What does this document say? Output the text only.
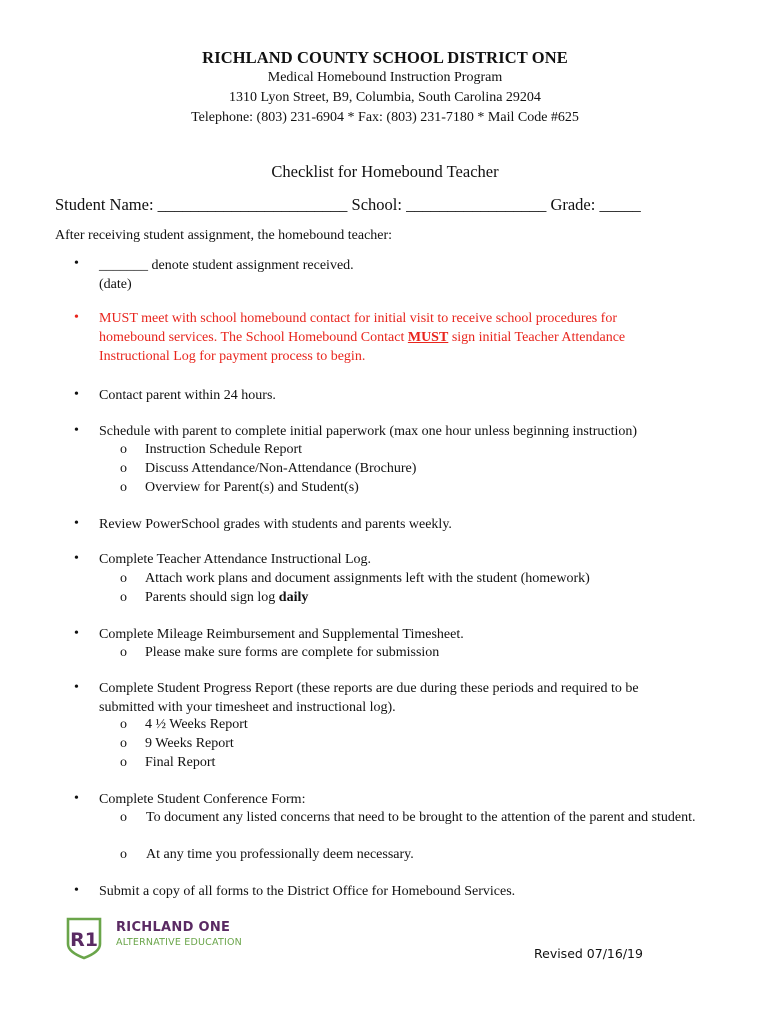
RICHLAND COUNTY SCHOOL DISTRICT ONE
Medical Homebound Instruction Program
1310 Lyon Street, B9, Columbia, South Carolina 29204
Telephone: (803) 231-6904 * Fax: (803) 231-7180 * Mail Code #625
Checklist for Homebound Teacher
Student Name: _______________________ School: _________________ Grade: _____
After receiving student assignment, the homebound teacher:
• _______ denote student assignment received.
(date)
• MUST meet with school homebound contact for initial visit to receive school procedures for homebound services. The School Homebound Contact MUST sign initial Teacher Attendance Instructional Log for payment process to begin.
• Contact parent within 24 hours.
• Schedule with parent to complete initial paperwork (max one hour unless beginning instruction)
o Instruction Schedule Report
o Discuss Attendance/Non-Attendance (Brochure)
o Overview for Parent(s) and Student(s)
• Review PowerSchool grades with students and parents weekly.
• Complete Teacher Attendance Instructional Log.
o Attach work plans and document assignments left with the student (homework)
o Parents should sign log daily
• Complete Mileage Reimbursement and Supplemental Timesheet.
o Please make sure forms are complete for submission
• Complete Student Progress Report (these reports are due during these periods and required to be submitted with your timesheet and instructional log).
o 4 ½ Weeks Report
o 9 Weeks Report
o Final Report
• Complete Student Conference Form:
o To document any listed concerns that need to be brought to the attention of the parent and student.
o At any time you professionally deem necessary.
• Submit a copy of all forms to the District Office for Homebound Services.
R1
RICHLAND ONE
ALTERNATIVE EDUCATION
Revised 07/16/19
